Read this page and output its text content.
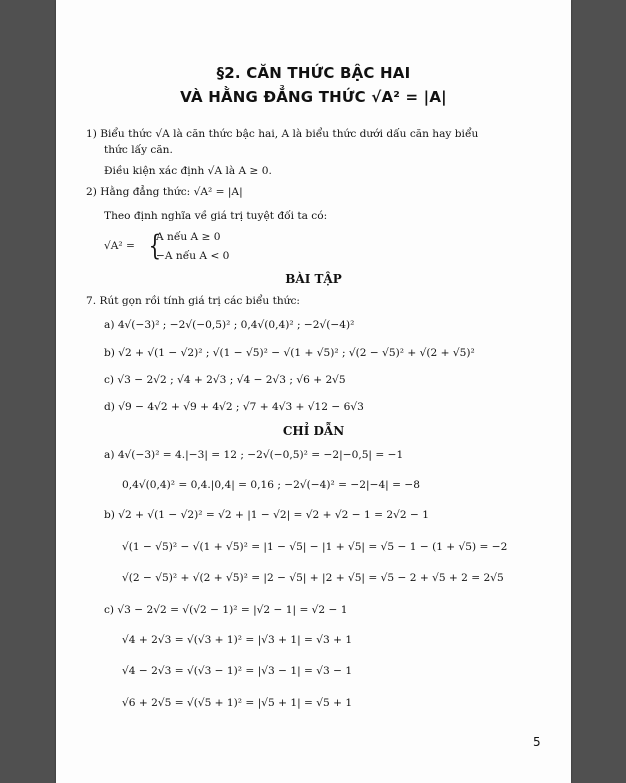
§2. CĂN THỨC BẬC HAI
VÀ HẰNG ĐẲNG THỨC √A² = |A|
1) Biểu thức √A là căn thức bậc hai, A là biểu thức dưới dấu căn hay biểu
thức lấy căn.
Điều kiện xác định √A là A ≥ 0.
2) Hằng đẳng thức: √A² = |A|
Theo định nghĩa về giá trị tuyệt đối ta có:
√A² = {
A nếu A ≥ 0
−A nếu A < 0
BÀI TẬP
7. Rút gọn rồi tính giá trị các biểu thức:
a) 4√(−3)² ; −2√(−0,5)² ; 0,4√(0,4)² ; −2√(−4)²
b) √2 + √(1 − √2)² ; √(1 − √5)² − √(1 + √5)² ; √(2 − √5)² + √(2 + √5)²
c) √3 − 2√2 ; √4 + 2√3 ; √4 − 2√3 ; √6 + 2√5
d) √9 − 4√2 + √9 + 4√2 ; √7 + 4√3 + √12 − 6√3
CHỈ DẪN
a) 4√(−3)² = 4.|−3| = 12 ; −2√(−0,5)² = −2|−0,5| = −1
0,4√(0,4)² = 0,4.|0,4| = 0,16 ; −2√(−4)² = −2|−4| = −8
b) √2 + √(1 − √2)² = √2 + |1 − √2| = √2 + √2 − 1 = 2√2 − 1
√(1 − √5)² − √(1 + √5)² = |1 − √5| − |1 + √5| = √5 − 1 − (1 + √5) = −2
√(2 − √5)² + √(2 + √5)² = |2 − √5| + |2 + √5| = √5 − 2 + √5 + 2 = 2√5
c) √3 − 2√2 = √(√2 − 1)² = |√2 − 1| = √2 − 1
√4 + 2√3 = √(√3 + 1)² = |√3 + 1| = √3 + 1
√4 − 2√3 = √(√3 − 1)² = |√3 − 1| = √3 − 1
√6 + 2√5 = √(√5 + 1)² = |√5 + 1| = √5 + 1
5
